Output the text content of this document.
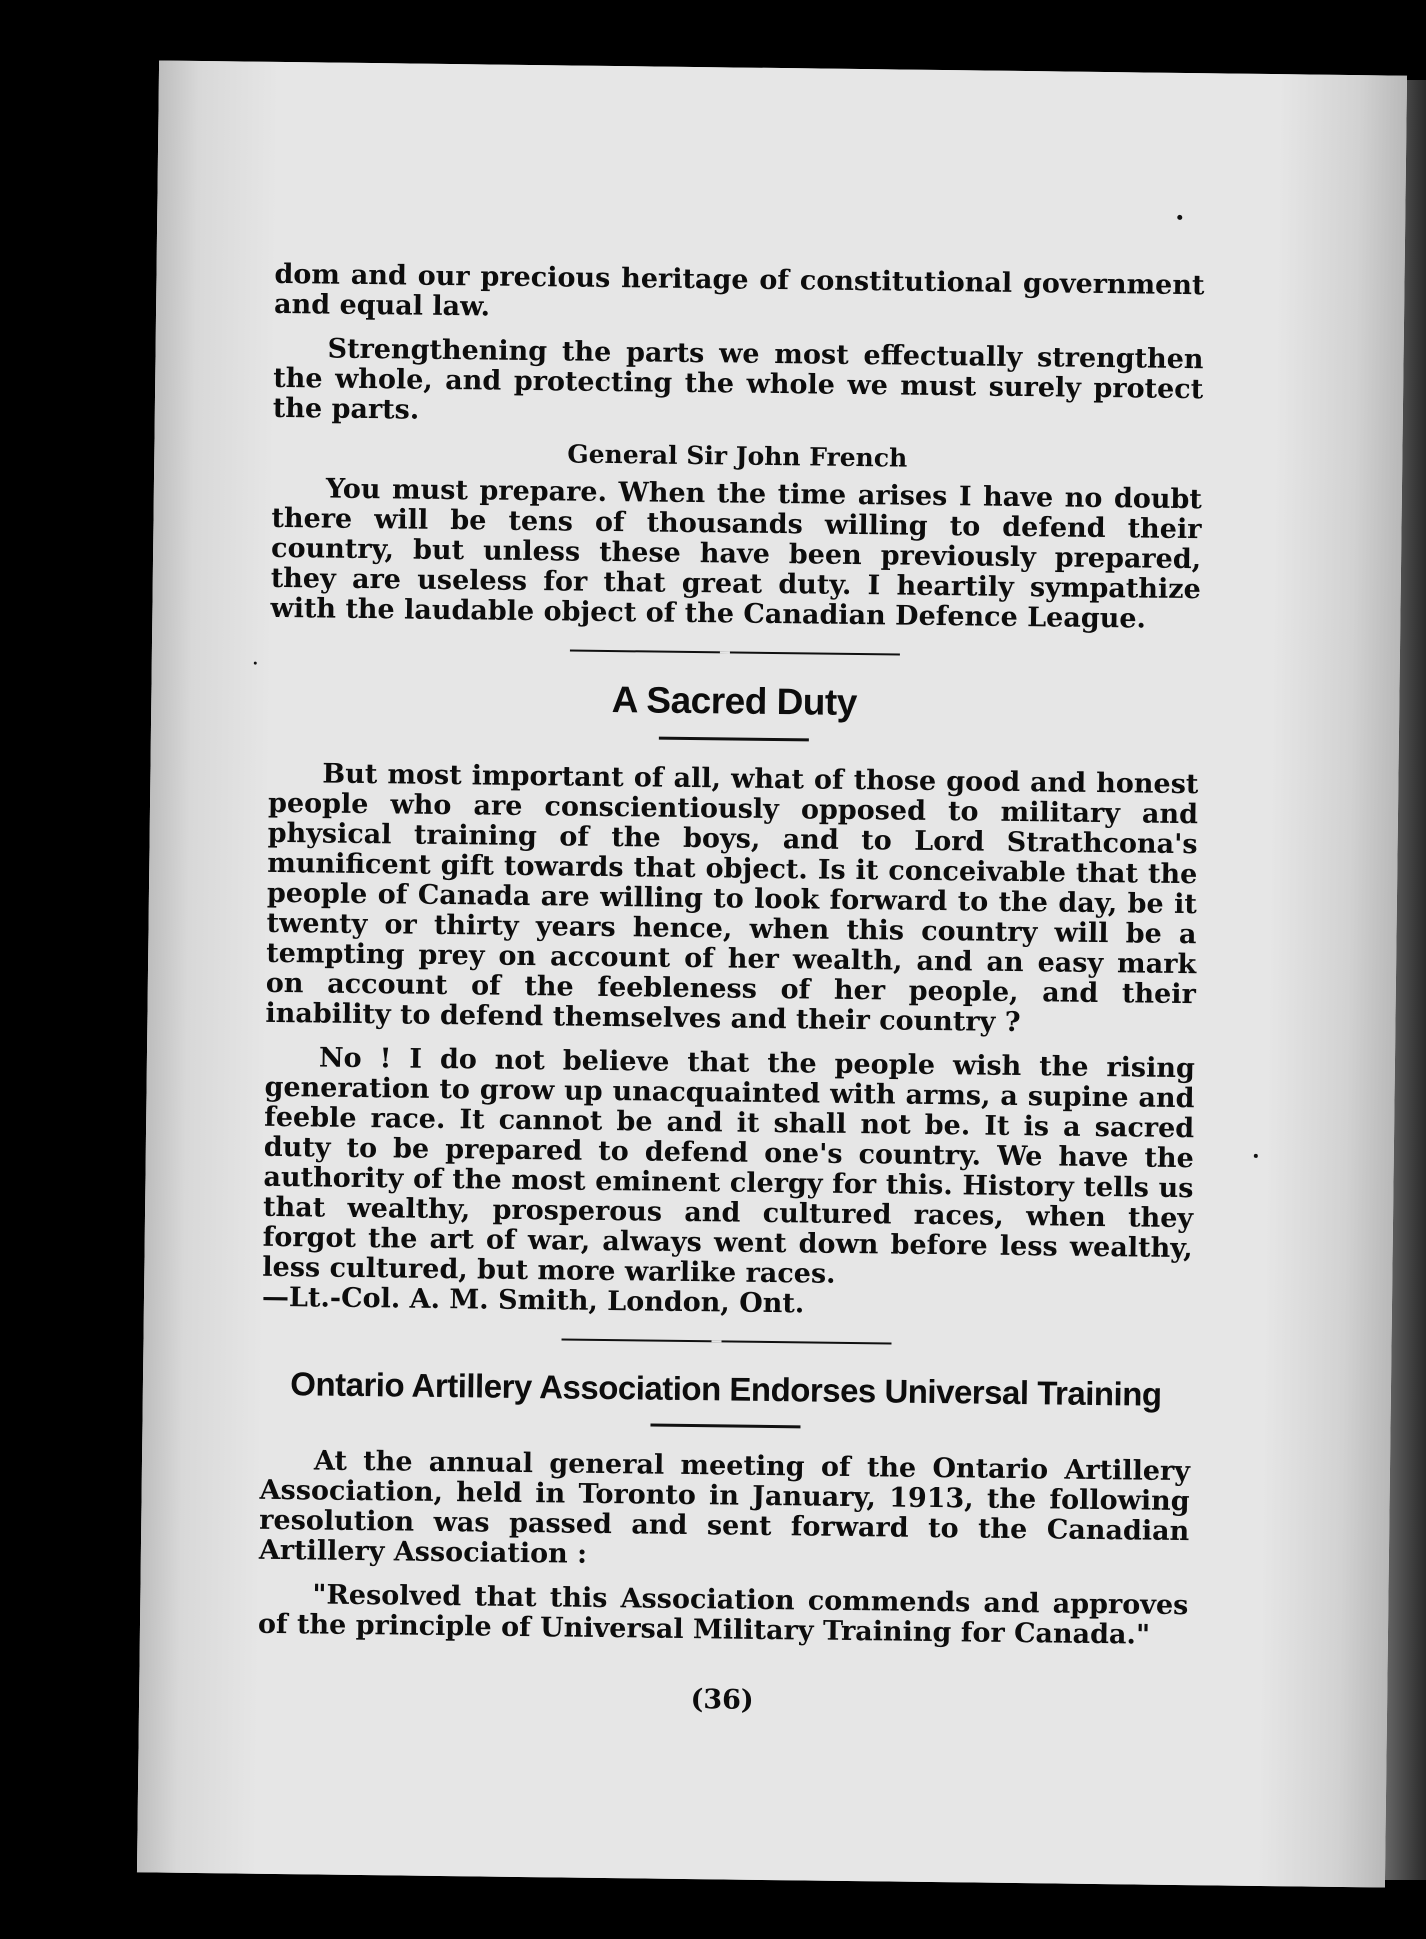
dom and our precious heritage of constitutional government and equal law.

Strengthening the parts we most effectually strengthen the whole, and protecting the whole we must surely protect the parts.

General Sir John French

You must prepare. When the time arises I have no doubt there will be tens of thousands willing to defend their country, but unless these have been previously prepared, they are useless for that great duty. I heartily sympathize with the laudable object of the Canadian Defence League.

A Sacred Duty

But most important of all, what of those good and honest people who are conscientiously opposed to military and physical training of the boys, and to Lord Strathcona's munificent gift towards that object. Is it conceivable that the people of Canada are willing to look forward to the day, be it twenty or thirty years hence, when this country will be a tempting prey on account of her wealth, and an easy mark on account of the feebleness of her people, and their inability to defend themselves and their country ?

No ! I do not believe that the people wish the rising generation to grow up unacquainted with arms, a supine and feeble race. It cannot be and it shall not be. It is a sacred duty to be prepared to defend one's country. We have the authority of the most eminent clergy for this. History tells us that wealthy, prosperous and cultured races, when they forgot the art of war, always went down before less wealthy, less cultured, but more warlike races.

—Lt.-Col. A. M. Smith, London, Ont.

Ontario Artillery Association Endorses Universal Training

At the annual general meeting of the Ontario Artillery Association, held in Toronto in January, 1913, the following resolution was passed and sent forward to the Canadian Artillery Association :

"Resolved that this Association commends and approves of the principle of Universal Military Training for Canada."

(36)
